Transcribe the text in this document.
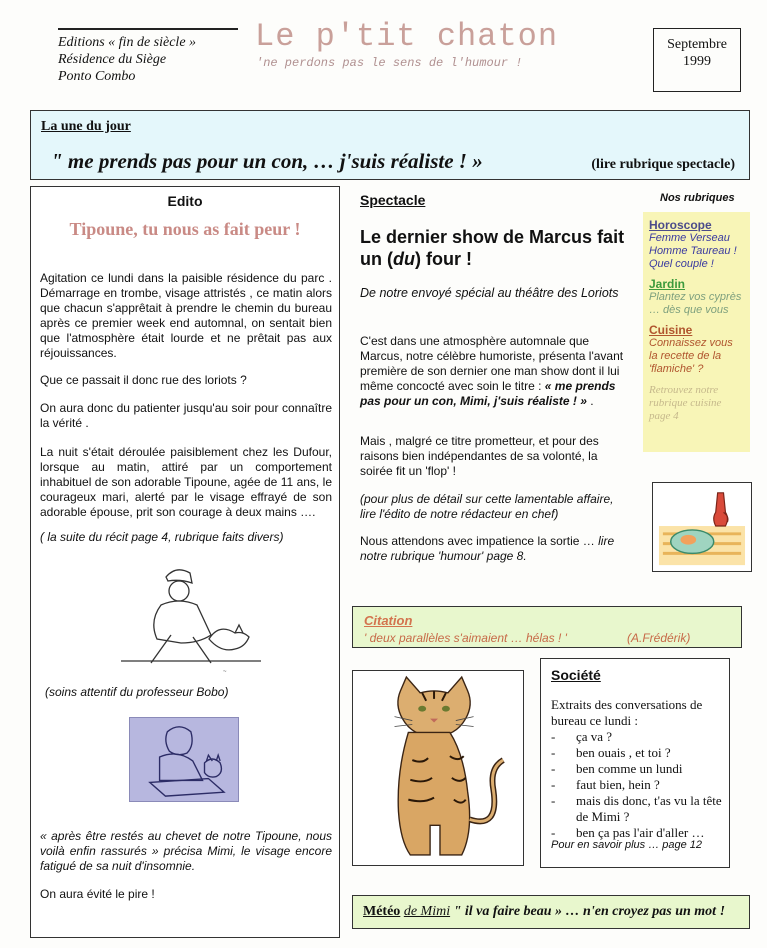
Editions « fin de siècle »
Résidence du Siège
Ponto Combo
Le p'tit chaton
'ne perdons pas le sens de l'humour !
Septembre
1999
La une du jour
" me prends pas pour un con, … j'suis réaliste ! »	(lire rubrique spectacle)
Edito
Tipoune, tu nous as fait peur !
Agitation ce lundi dans la paisible résidence du parc . Démarrage en trombe, visage attristés , ce matin alors que chacun s'apprêtait à prendre le chemin du bureau après ce premier week end automnal, on sentait bien que l'atmosphère était lourde et ne prêtait pas aux réjouissances.
Que ce passait il donc rue des loriots ?
On aura donc du patienter jusqu'au soir pour connaître la vérité .
La nuit s'était déroulée paisiblement chez les Dufour, lorsque au matin, attiré par un comportement inhabituel de son adorable Tipoune, agée de 11 ans, le courageux mari, alerté par le visage effrayé de son adorable épouse, prit son courage à deux mains ….
( la suite du récit page 4, rubrique faits divers)
~
(soins attentif du professeur Bobo)
« après être restés au chevet de notre Tipoune, nous voilà enfin rassurés » précisa Mimi, le visage encore fatigué de sa nuit d'insomnie.
On aura évité le pire !
Spectacle
Le dernier show de Marcus fait un (du) four !
De notre envoyé spécial au théâtre des Loriots
C'est dans une atmosphère automnale que Marcus, notre célèbre humoriste, présenta l'avant première de son dernier one man show dont il lui même concocté avec soin le titre : « me prends pas pour un con, Mimi, j'suis réaliste ! » .
Mais , malgré ce titre prometteur, et pour des raisons bien indépendantes de sa volonté, la soirée fit un 'flop' !
(pour plus de détail sur cette lamentable affaire, lire l'édito de notre rédacteur en chef)
Nous attendons avec impatience la sortie … lire notre rubrique 'humour' page 8.
Nos rubriques
Horoscope
Femme Verseau Homme Taureau ! Quel couple !
Jardin
Plantez vos cyprès … dès que vous
Cuisine
Connaissez vous la recette de la 'flamiche' ?
Retrouvez notre rubrique cuisine page 4
Citation
' deux parallèles s'aimaient … hélas ! '	(A.Frédérik)
Société
Extraits des conversations de bureau ce lundi :
- ça va ?
- ben ouais , et toi ?
- ben comme un lundi
- faut bien, hein ?
- mais dis donc, t'as vu la tête de Mimi ?
- ben ça pas l'air d'aller …
Pour en savoir plus … page 12
Météo de Mimi " il va faire beau » … n'en croyez pas un mot !
